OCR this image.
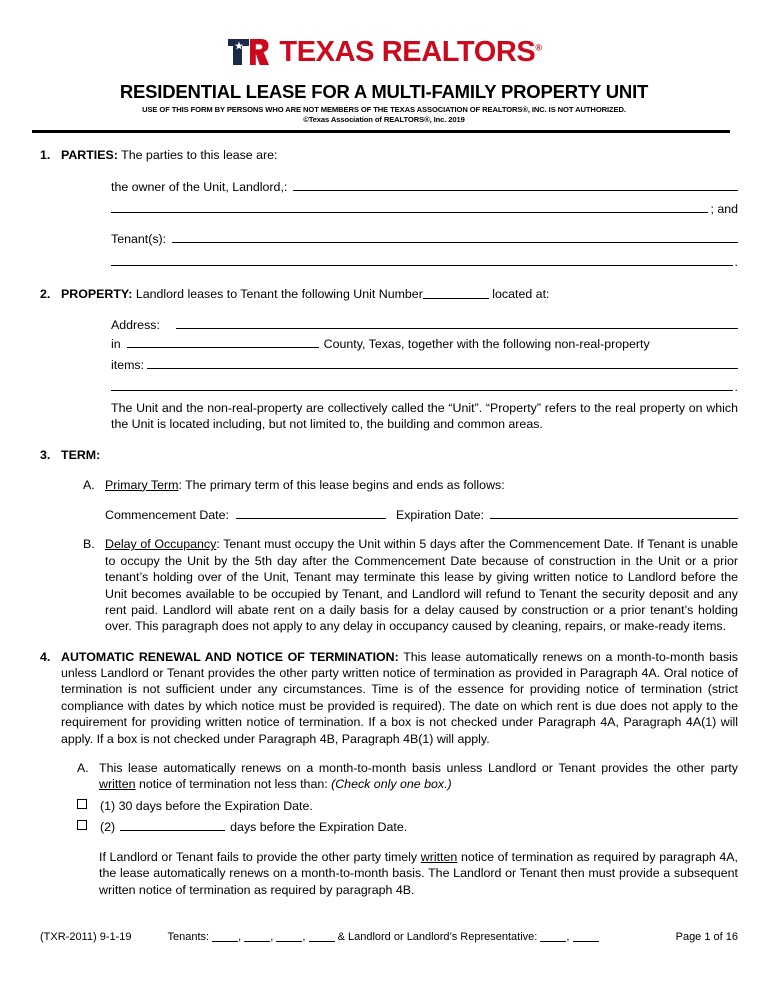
TEXAS REALTORS®
RESIDENTIAL LEASE FOR A MULTI-FAMILY PROPERTY UNIT
USE OF THIS FORM BY PERSONS WHO ARE NOT MEMBERS OF THE TEXAS ASSOCIATION OF REALTORS®, INC. IS NOT AUTHORIZED.
©Texas Association of REALTORS®, Inc. 2019
1. PARTIES: The parties to this lease are:
the owner of the Unit, Landlord,:
; and
Tenant(s):
.
2. PROPERTY: Landlord leases to Tenant the following Unit Number	located at:
Address:
in	County, Texas, together with the following non-real-property
items:
.
The Unit and the non-real-property are collectively called the “Unit”. “Property” refers to the real property on which the Unit is located including, but not limited to, the building and common areas.
3. TERM:
A. Primary Term: The primary term of this lease begins and ends as follows:
Commencement Date:	Expiration Date:
B. Delay of Occupancy: Tenant must occupy the Unit within 5 days after the Commencement Date. If Tenant is unable to occupy the Unit by the 5th day after the Commencement Date because of construction in the Unit or a prior tenant’s holding over of the Unit, Tenant may terminate this lease by giving written notice to Landlord before the Unit becomes available to be occupied by Tenant, and Landlord will refund to Tenant the security deposit and any rent paid. Landlord will abate rent on a daily basis for a delay caused by construction or a prior tenant’s holding over. This paragraph does not apply to any delay in occupancy caused by cleaning, repairs, or make-ready items.
4. AUTOMATIC RENEWAL AND NOTICE OF TERMINATION: This lease automatically renews on a month-to-month basis unless Landlord or Tenant provides the other party written notice of termination as provided in Paragraph 4A. Oral notice of termination is not sufficient under any circumstances. Time is of the essence for providing notice of termination (strict compliance with dates by which notice must be provided is required). The date on which rent is due does not apply to the requirement for providing written notice of termination. If a box is not checked under Paragraph 4A, Paragraph 4A(1) will apply. If a box is not checked under Paragraph 4B, Paragraph 4B(1) will apply.
A. This lease automatically renews on a month-to-month basis unless Landlord or Tenant provides the other party written notice of termination not less than: (Check only one box.)
(1) 30 days before the Expiration Date.
(2)	days before the Expiration Date.
If Landlord or Tenant fails to provide the other party timely written notice of termination as required by paragraph 4A, the lease automatically renews on a month-to-month basis. The Landlord or Tenant then must provide a subsequent written notice of termination as required by paragraph 4B.
(TXR-2011) 9-1-19	Tenants:	,	,	,	& Landlord or Landlord’s Representative:	,	Page 1 of 16
